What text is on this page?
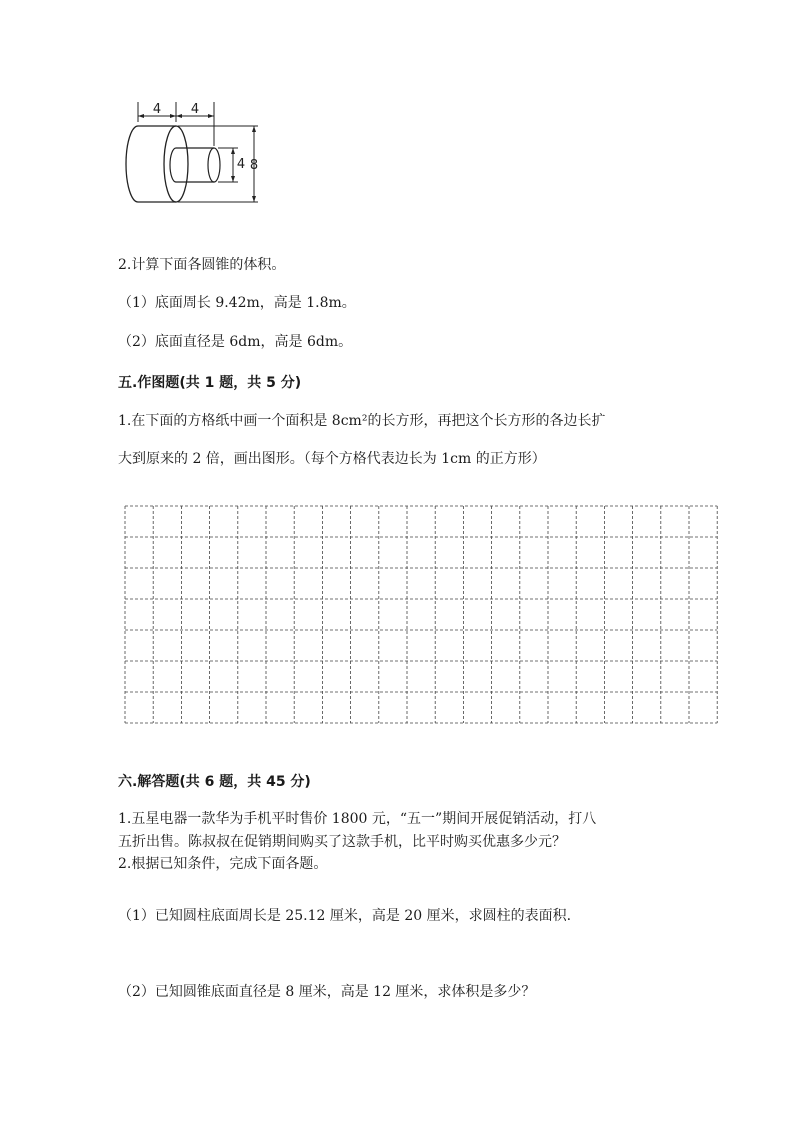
4 4
4 8
2.计算下面各圆锥的体积。
（1）底面周长 9.42m，高是 1.8m。
（2）底面直径是 6dm，高是 6dm。
五.作图题(共 1 题，共 5 分)
1.在下面的方格纸中画一个面积是 8cm²的长方形，再把这个长方形的各边长扩
大到原来的 2 倍，画出图形。（每个方格代表边长为 1cm 的正方形）
六.解答题(共 6 题，共 45 分)
1.五星电器一款华为手机平时售价 1800 元，“五一”期间开展促销活动，打八
五折出售。陈叔叔在促销期间购买了这款手机，比平时购买优惠多少元？
2.根据已知条件，完成下面各题。
（1）已知圆柱底面周长是 25.12 厘米，高是 20 厘米，求圆柱的表面积.
（2）已知圆锥底面直径是 8 厘米，高是 12 厘米，求体积是多少？
